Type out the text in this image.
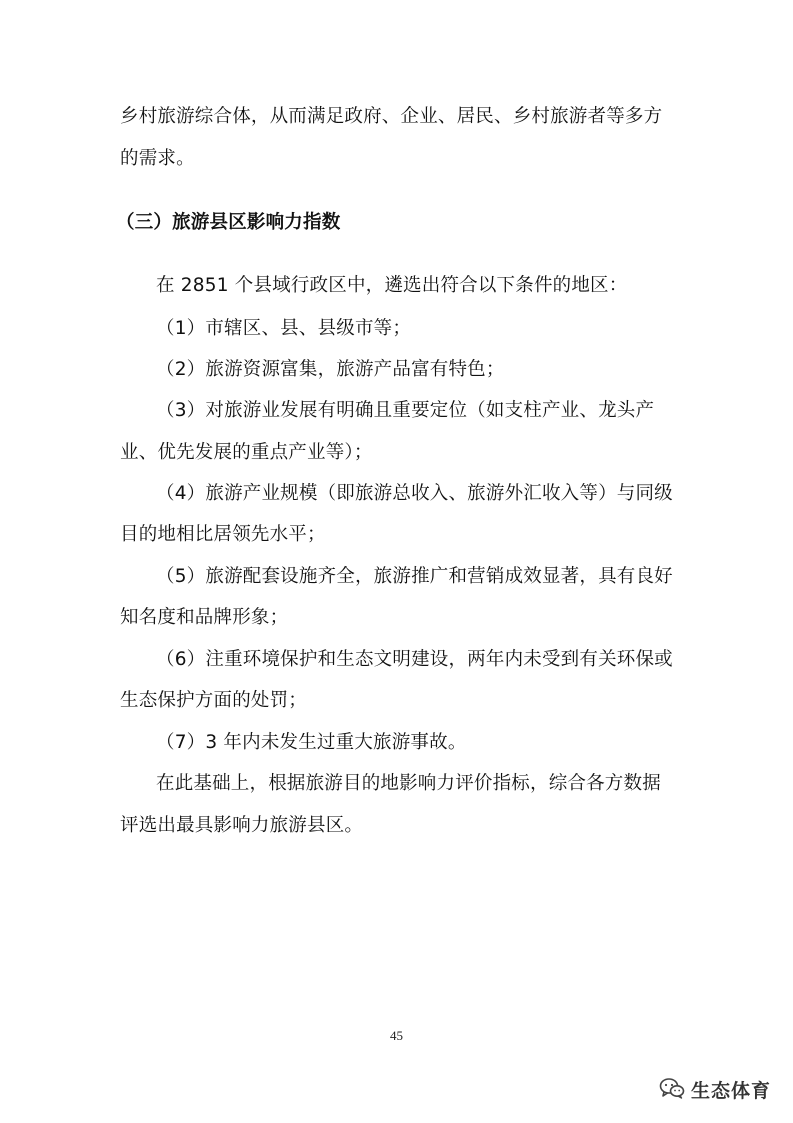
乡村旅游综合体，从而满足政府、企业、居民、乡村旅游者等多方
的需求。
（三）旅游县区影响力指数
在 2851 个县域行政区中，遴选出符合以下条件的地区：
（1）市辖区、县、县级市等；
（2）旅游资源富集，旅游产品富有特色；
（3）对旅游业发展有明确且重要定位（如支柱产业、龙头产
业、优先发展的重点产业等）；
（4）旅游产业规模（即旅游总收入、旅游外汇收入等）与同级
目的地相比居领先水平；
（5）旅游配套设施齐全，旅游推广和营销成效显著，具有良好
知名度和品牌形象；
（6）注重环境保护和生态文明建设，两年内未受到有关环保或
生态保护方面的处罚；
（7）3 年内未发生过重大旅游事故。
在此基础上，根据旅游目的地影响力评价指标，综合各方数据
评选出最具影响力旅游县区。
45
生态体育
